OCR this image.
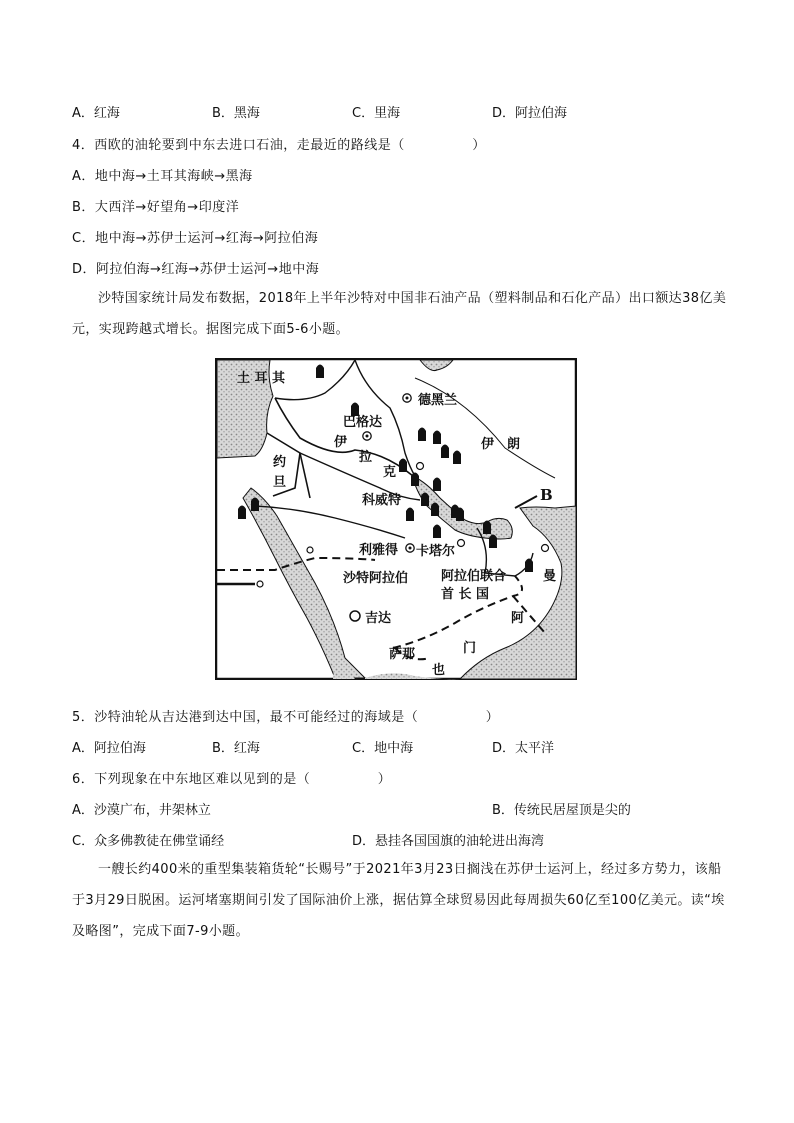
A．红海	B．黑海	C．里海	D．阿拉伯海
4．西欧的油轮要到中东去进口石油，走最近的路线是（　　　　　）
A．地中海→土耳其海峡→黑海
B．大西洋→好望角→印度洋
C．地中海→苏伊士运河→红海→阿拉伯海
D．阿拉伯海→红海→苏伊士运河→地中海
沙特国家统计局发布数据，2018年上半年沙特对中国非石油产品（塑料制品和石化产品）出口额达38亿美元，实现跨越式增长。据图完成下面5-6小题。
土 耳 其
德黑兰
巴格达
伊
拉
克
伊　朗
约
旦
科威特
利雅得 卡塔尔
沙特阿拉伯	阿拉伯联合
首 长 国
曼
吉达	阿
门
萨那
也
B
5．沙特油轮从吉达港到达中国，最不可能经过的海域是（　　　　　）
A．阿拉伯海	B．红海	C．地中海	D．太平洋
6．下列现象在中东地区难以见到的是（　　　　　）
A．沙漠广布，井架林立	B．传统民居屋顶是尖的
C．众多佛教徒在佛堂诵经	D．悬挂各国国旗的油轮进出海湾
一艘长约400米的重型集装箱货轮“长赐号”于2021年3月23日搁浅在苏伊士运河上，经过多方势力，该船于3月29日脱困。运河堵塞期间引发了国际油价上涨，据估算全球贸易因此每周损失60亿至100亿美元。读“埃及略图”，完成下面7-9小题。
